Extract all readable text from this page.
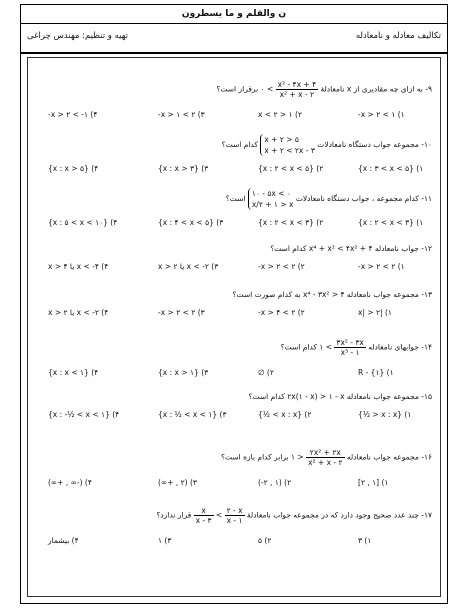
ن والقلم و ما یسطرون
تکالیف معادله و نامعادله
تهیه و تنظیم: مهندس چراغی
۹- به ازای چه مقادیری از x نامعادلهٔ
$\frac{\text{x² - ۴x + ۴}}{\text{x² + x - ۲}}$
> ۰ برقرار است؟
۱) ۱ > x > ۲-
۲) ۱ < x < ۲
۳) ۲ > x > ۱-
۴) ۱- > x > ۲-
۱۰- مجموعه جواب دستگاه نامعادلات
x + ۲ > ۵
x + ۲ < ۲x - ۳
کدام است؟
۱) {x : ۳ < x < ۵}
۲) {x : ۲ < x < ۵}
۳) {x : x > ۳}
۴) {x : x > ۵}
۱۱- کدام مجموعه ، جواب دستگاه نامعادلات
۱۰ - ۵x < ۰
x/۲ + ۱ > x
است؟
۱) {x : ۲ < x < ۳}
۲) {x : ۲ < x < ۳}
۳) {x : ۴ < x < ۵}
۴) {x : ۵ < x < ۱۰}
۱۲- جواب نامعادله x⁴ + x² < ۴x² + ۴ کدام است؟
۱) ۲ > x > ۲-
۲) ۲ > x > ۲-
۳) x < -۲ یا x > ۲
۴) x < -۴ یا x > ۴
۱۳- مجموعه جواب نامعادله x⁴ - ۳x² > ۴ به کدام صورت است؟
۱) |x| > ۲
۲) ۲ > x > ۴-
۳) ۲ > x > ۲-
۴) x < -۲ یا x > ۲
۱۴- جوابهای نامعادله
$\frac{\text{۳x² - ۳x}}{\text{x³ - ۱}}$
> ۱ کدام است؟
۱) R - {۱}
۲) ∅
۳) {x : x > ۱}
۴) {x : x < ۱}
۱۵- مجموعه جواب نامعادله ۲x(۱ - x) > ۱ - x کدام است؟
۱) {x : x < ½}
۲) {x : x > ½}
۳) {x : ½ < x < ۱}
۴) {x : -½ < x < ۱}
۱۶- مجموعه جواب نامعادله
$\frac{\text{۲x² + ۲x}}{\text{x² + x - ۲}}$
< ۱ برابر کدام بازه است؟
۱) [۱ , ۲]
۲) (۱ , ۲-)
۳) (۲ , +∞)
۴) (-∞ , +∞)
۱۷- چند عدد صحیح وجود دارد که در مجموعه جواب نامعادلهٔ
$\frac{۲ - x}{x - ۱}$
>
$\frac{x}{x - ۳}$
قرار ندارد؟
۱) ۳
۲) ۵
۳) ۱
۴) بیشمار
